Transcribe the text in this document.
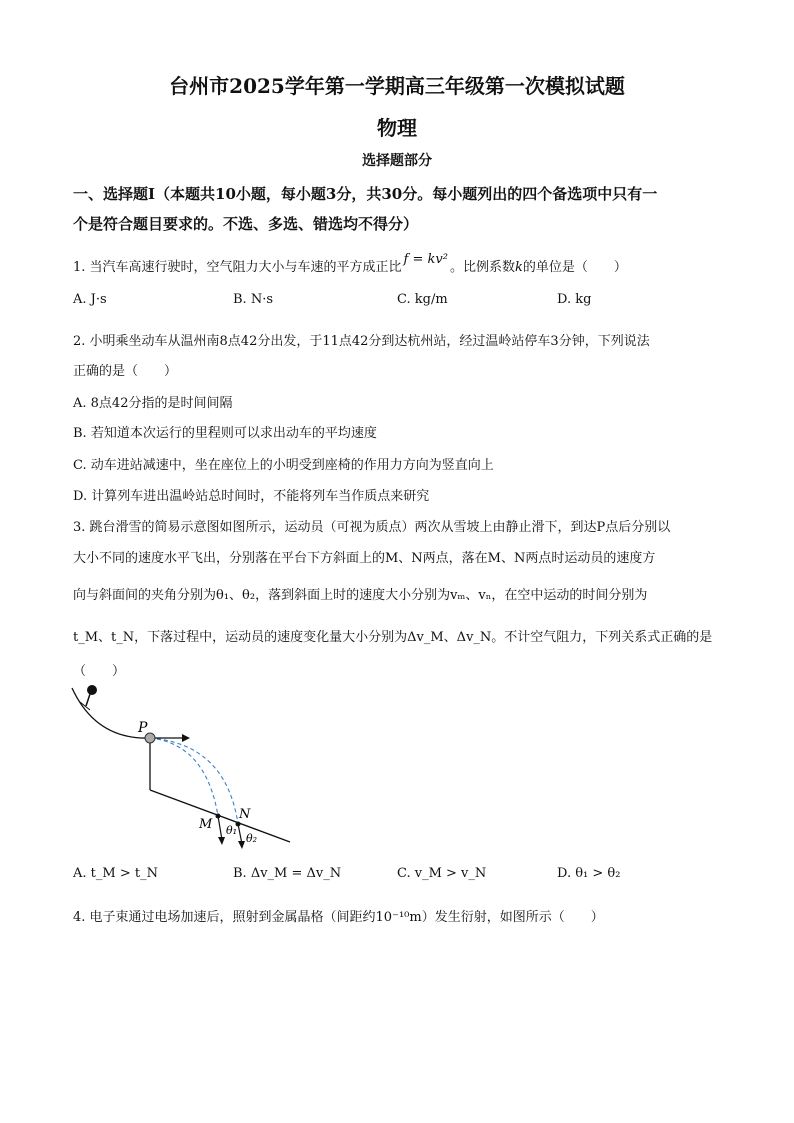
台州市2025学年第一学期高三年级第一次模拟试题
物理
选择题部分
一、选择题Ⅰ（本题共10小题，每小题3分，共30分。每小题列出的四个备选项中只有一
个是符合题目要求的。不选、多选、错选均不得分）
1. 当汽车高速行驶时，空气阻力大小与车速的平方成正比f = kv²。比例系数k的单位是（　　）
A. J·s	B. N·s	C. kg/m	D. kg
2. 小明乘坐动车从温州南8点42分出发，于11点42分到达杭州站，经过温岭站停车3分钟，下列说法
正确的是（　　）
A. 8点42分指的是时间间隔
B. 若知道本次运行的里程则可以求出动车的平均速度
C. 动车进站减速中，坐在座位上的小明受到座椅的作用力方向为竖直向上
D. 计算列车进出温岭站总时间时，不能将列车当作质点来研究
3. 跳台滑雪的简易示意图如图所示，运动员（可视为质点）两次从雪坡上由静止滑下，到达P点后分别以
大小不同的速度水平飞出，分别落在平台下方斜面上的M、N两点，落在M、N两点时运动员的速度方
向与斜面间的夹角分别为θ₁、θ₂，落到斜面上时的速度大小分别为vₘ、vₙ，在空中运动的时间分别为
t_M、t_N，下落过程中，运动员的速度变化量大小分别为Δv_M、Δv_N。不计空气阻力，下列关系式正确的是
（　　）
P
M
N
θ₁
θ₂
A. t_M > t_N	B. Δv_M = Δv_N	C. v_M > v_N	D. θ₁ > θ₂
4. 电子束通过电场加速后，照射到金属晶格（间距约10⁻¹⁰m）发生衍射，如图所示（　　）
